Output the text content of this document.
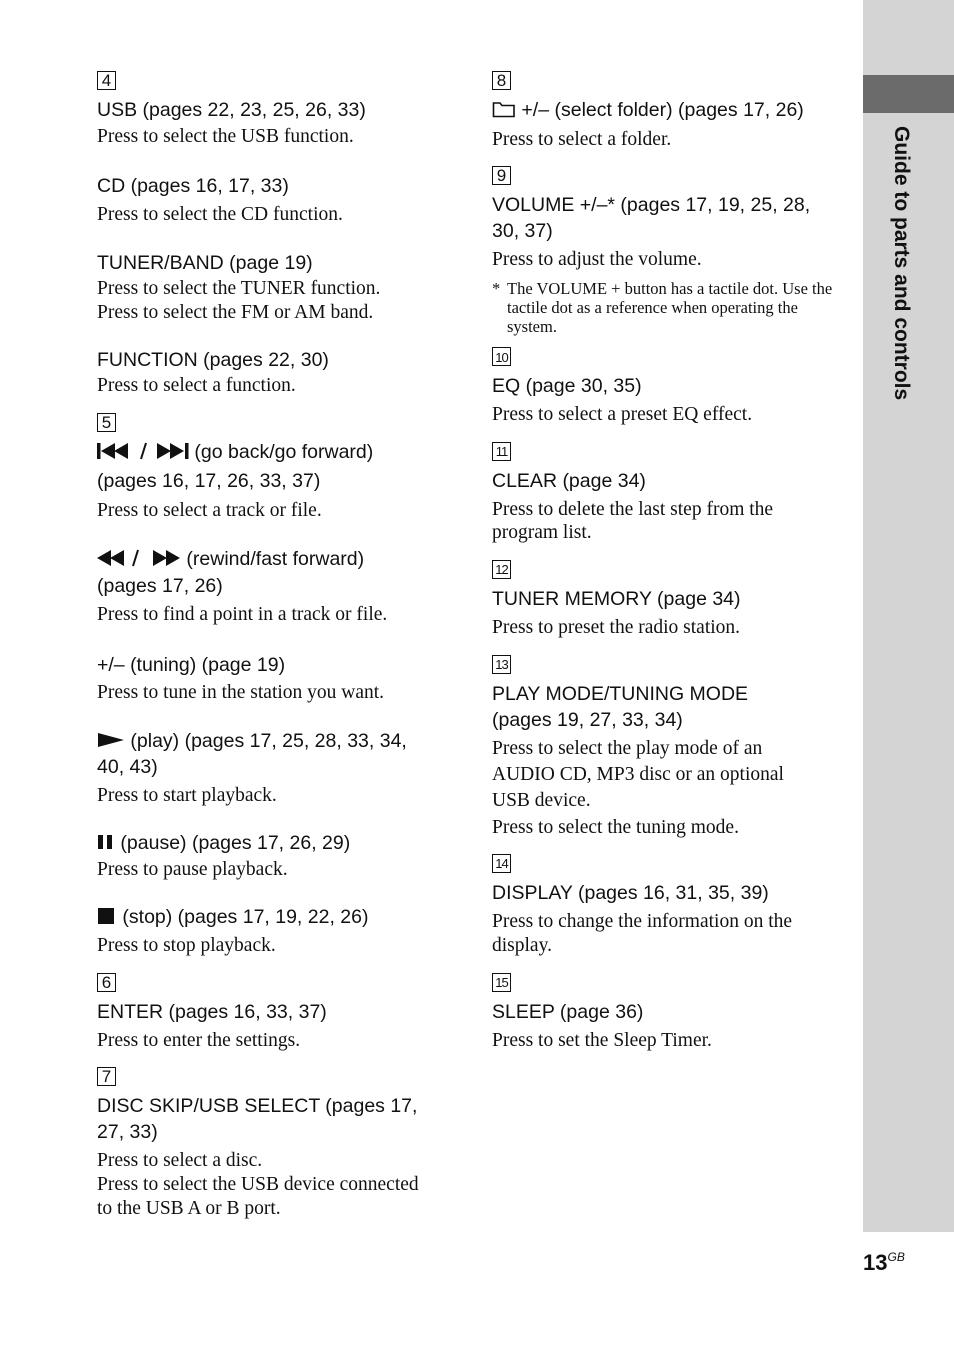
Guide to parts and controls
4
USB (pages 22, 23, 25, 26, 33)
Press to select the USB function.
CD (pages 16, 17, 33)
Press to select the CD function.
TUNER/BAND (page 19)
Press to select the TUNER function.
Press to select the FM or AM band.
FUNCTION (pages 22, 30)
Press to select a function.
5
(go back/go forward)
(pages 16, 17, 26, 33, 37)
Press to select a track or file.
(rewind/fast forward)
(pages 17, 26)
Press to find a point in a track or file.
+/– (tuning) (page 19)
Press to tune in the station you want.
(play) (pages 17, 25, 28, 33, 34,
40, 43)
Press to start playback.
(pause) (pages 17, 26, 29)
Press to pause playback.
(stop) (pages 17, 19, 22, 26)
Press to stop playback.
6
ENTER (pages 16, 33, 37)
Press to enter the settings.
7
DISC SKIP/USB SELECT (pages 17,
27, 33)
Press to select a disc.
Press to select the USB device connected
to the USB A or B port.
8
+/– (select folder) (pages 17, 26)
Press to select a folder.
9
VOLUME +/–* (pages 17, 19, 25, 28,
30, 37)
Press to adjust the volume.
* The VOLUME + button has a tactile dot. Use the tactile dot as a reference when operating the system.
10
EQ (page 30, 35)
Press to select a preset EQ effect.
11
CLEAR (page 34)
Press to delete the last step from the
program list.
12
TUNER MEMORY (page 34)
Press to preset the radio station.
13
PLAY MODE/TUNING MODE
(pages 19, 27, 33, 34)
Press to select the play mode of an
AUDIO CD, MP3 disc or an optional
USB device.
Press to select the tuning mode.
14
DISPLAY (pages 16, 31, 35, 39)
Press to change the information on the
display.
15
SLEEP (page 36)
Press to set the Sleep Timer.
$13^{GB}$
